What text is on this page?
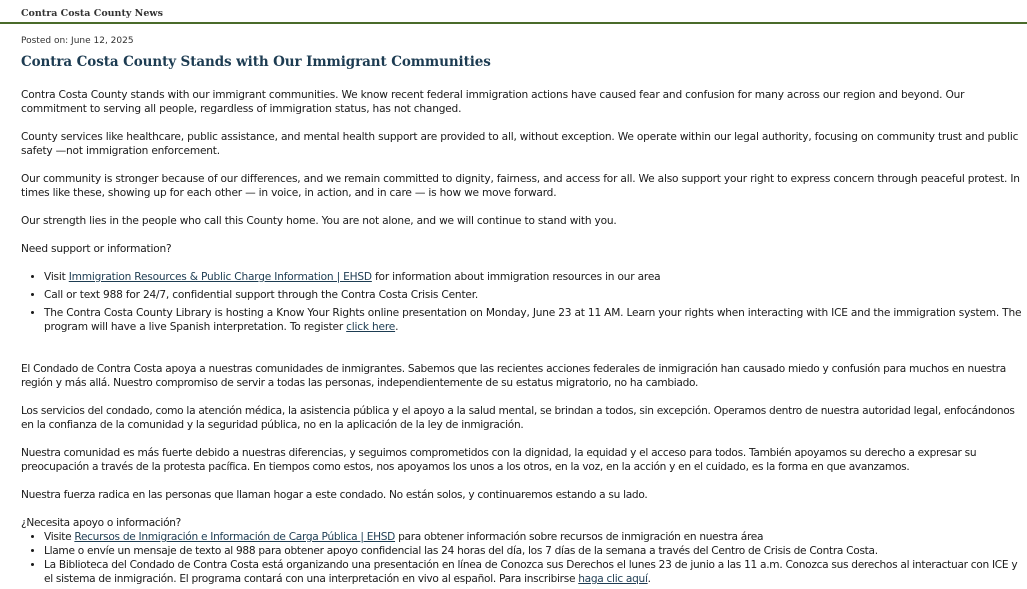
Contra Costa County News
Posted on: June 12, 2025
Contra Costa County Stands with Our Immigrant Communities

Contra Costa County stands with our immigrant communities. We know recent federal immigration actions have caused fear and confusion for many across our region and beyond. Our commitment to serving all people, regardless of immigration status, has not changed.

County services like healthcare, public assistance, and mental health support are provided to all, without exception. We operate within our legal authority, focusing on community trust and public safety —not immigration enforcement.

Our community is stronger because of our differences, and we remain committed to dignity, fairness, and access for all. We also support your right to express concern through peaceful protest. In times like these, showing up for each other — in voice, in action, and in care — is how we move forward.

Our strength lies in the people who call this County home. You are not alone, and we will continue to stand with you.

Need support or information?

• Visit Immigration Resources & Public Charge Information | EHSD for information about immigration resources in our area
• Call or text 988 for 24/7, confidential support through the Contra Costa Crisis Center.
• The Contra Costa County Library is hosting a Know Your Rights online presentation on Monday, June 23 at 11 AM. Learn your rights when interacting with ICE and the immigration system. The program will have a live Spanish interpretation. To register click here.

El Condado de Contra Costa apoya a nuestras comunidades de inmigrantes. Sabemos que las recientes acciones federales de inmigración han causado miedo y confusión para muchos en nuestra región y más allá. Nuestro compromiso de servir a todas las personas, independientemente de su estatus migratorio, no ha cambiado.

Los servicios del condado, como la atención médica, la asistencia pública y el apoyo a la salud mental, se brindan a todos, sin excepción. Operamos dentro de nuestra autoridad legal, enfocándonos en la confianza de la comunidad y la seguridad pública, no en la aplicación de la ley de inmigración.

Nuestra comunidad es más fuerte debido a nuestras diferencias, y seguimos comprometidos con la dignidad, la equidad y el acceso para todos. También apoyamos su derecho a expresar su preocupación a través de la protesta pacífica. En tiempos como estos, nos apoyamos los unos a los otros, en la voz, en la acción y en el cuidado, es la forma en que avanzamos.

Nuestra fuerza radica en las personas que llaman hogar a este condado. No están solos, y continuaremos estando a su lado.

¿Necesita apoyo o información?

• Visite Recursos de Inmigración e Información de Carga Pública | EHSD para obtener información sobre recursos de inmigración en nuestra área
• Llame o envíe un mensaje de texto al 988 para obtener apoyo confidencial las 24 horas del día, los 7 días de la semana a través del Centro de Crisis de Contra Costa.
• La Biblioteca del Condado de Contra Costa está organizando una presentación en línea de Conozca sus Derechos el lunes 23 de junio a las 11 a.m. Conozca sus derechos al interactuar con ICE y el sistema de inmigración. El programa contará con una interpretación en vivo al español. Para inscribirse haga clic aquí.
